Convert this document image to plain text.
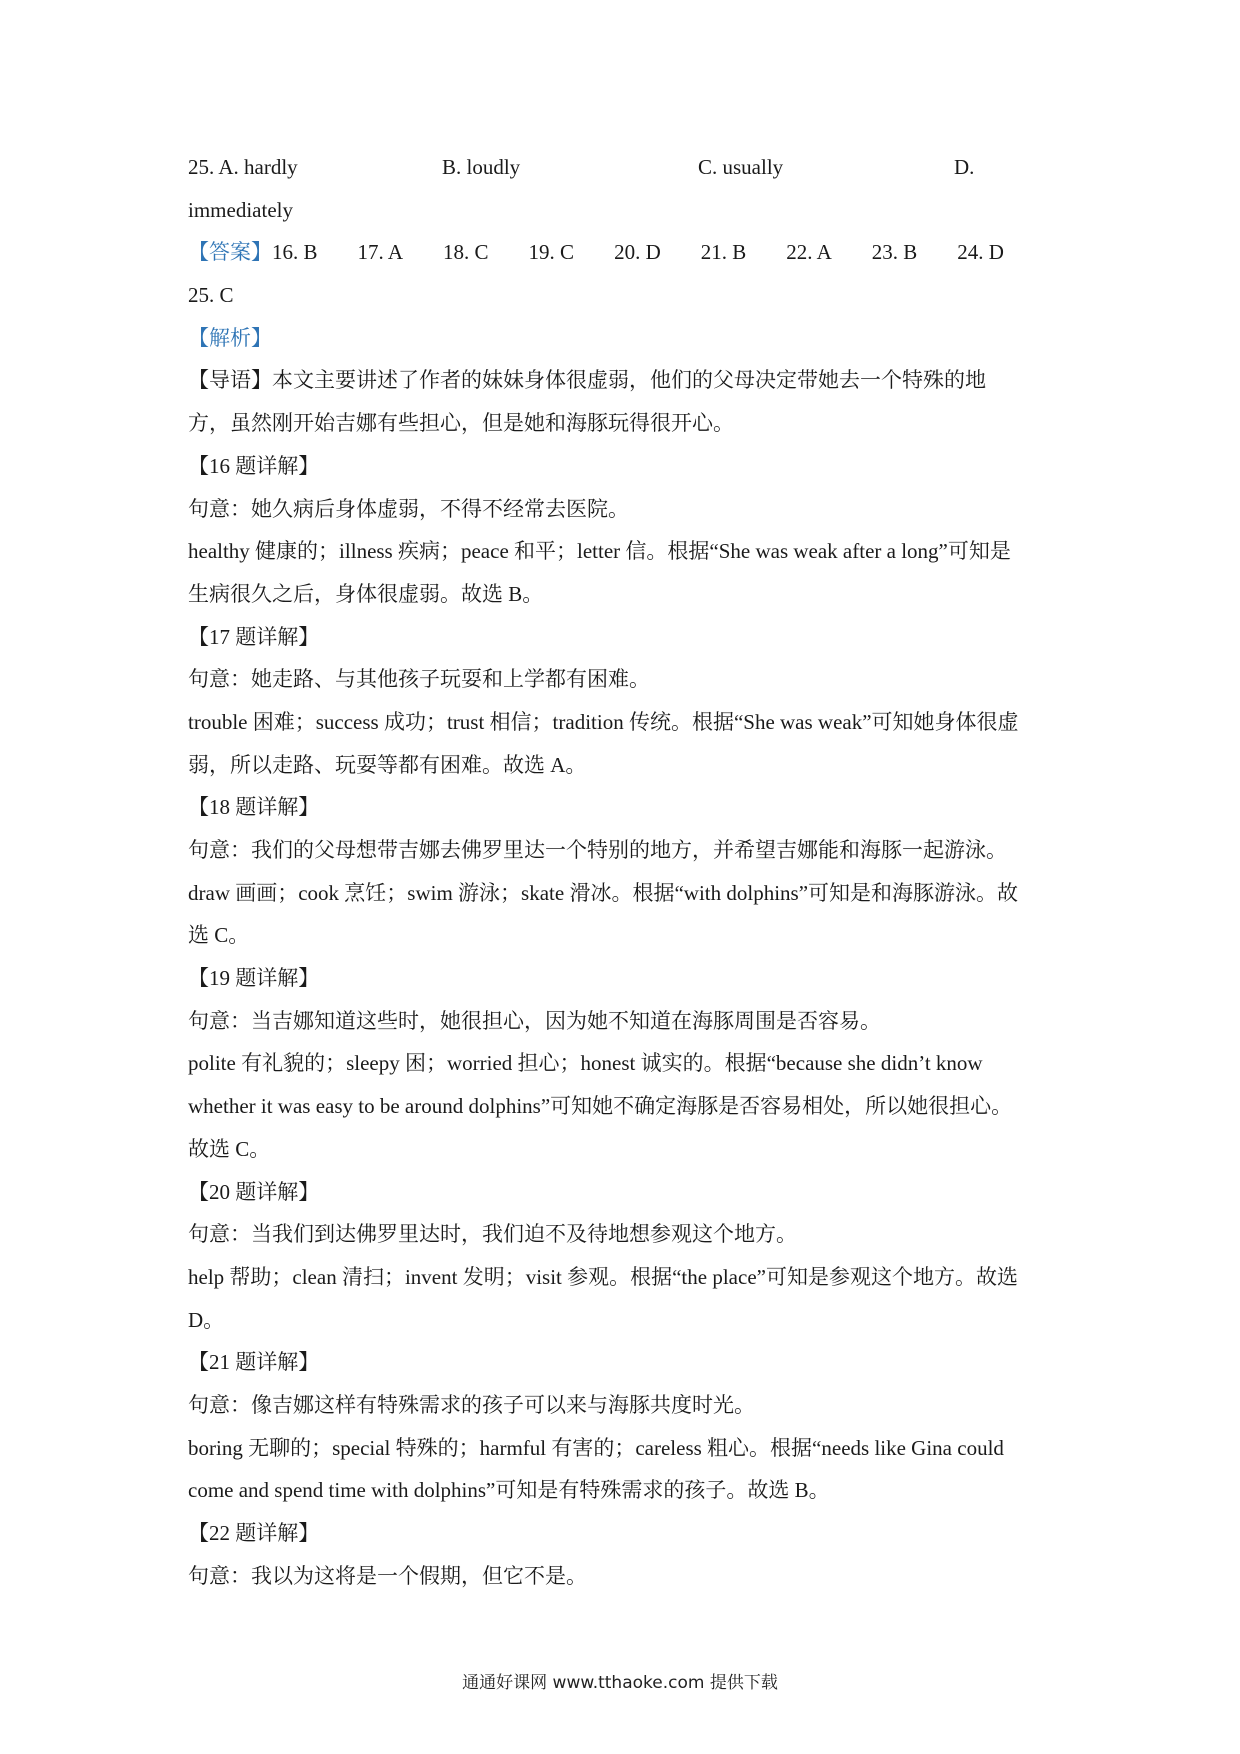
25. A. hardly	B. loudly	C. usually	D.
immediately
【答案】 16. B 17. A 18. C 19. C 20. D 21. B 22. A 23. B 24. D
25. C
【解析】
【导语】本文主要讲述了作者的妹妹身体很虚弱，他们的父母决定带她去一个特殊的地
方，虽然刚开始吉娜有些担心，但是她和海豚玩得很开心。
【16 题详解】
句意：她久病后身体虚弱，不得不经常去医院。
healthy 健康的；illness 疾病；peace 和平；letter 信。根据“She was weak after a long”可知是
生病很久之后，身体很虚弱。故选 B。
【17 题详解】
句意：她走路、与其他孩子玩耍和上学都有困难。
trouble 困难；success 成功；trust 相信；tradition 传统。根据“She was weak”可知她身体很虚
弱，所以走路、玩耍等都有困难。故选 A。
【18 题详解】
句意：我们的父母想带吉娜去佛罗里达一个特别的地方，并希望吉娜能和海豚一起游泳。
draw 画画；cook 烹饪；swim 游泳；skate 滑冰。根据“with dolphins”可知是和海豚游泳。故
选 C。
【19 题详解】
句意：当吉娜知道这些时，她很担心，因为她不知道在海豚周围是否容易。
polite 有礼貌的；sleepy 困；worried 担心；honest 诚实的。根据“because she didn’t know
whether it was easy to be around dolphins”可知她不确定海豚是否容易相处，所以她很担心。
故选 C。
【20 题详解】
句意：当我们到达佛罗里达时，我们迫不及待地想参观这个地方。
help 帮助；clean 清扫；invent 发明；visit 参观。根据“the place”可知是参观这个地方。故选
D。
【21 题详解】
句意：像吉娜这样有特殊需求的孩子可以来与海豚共度时光。
boring 无聊的；special 特殊的；harmful 有害的；careless 粗心。根据“needs like Gina could
come and spend time with dolphins”可知是有特殊需求的孩子。故选 B。
【22 题详解】
句意：我以为这将是一个假期，但它不是。
通通好课网 www.tthaoke.com 提供下载
